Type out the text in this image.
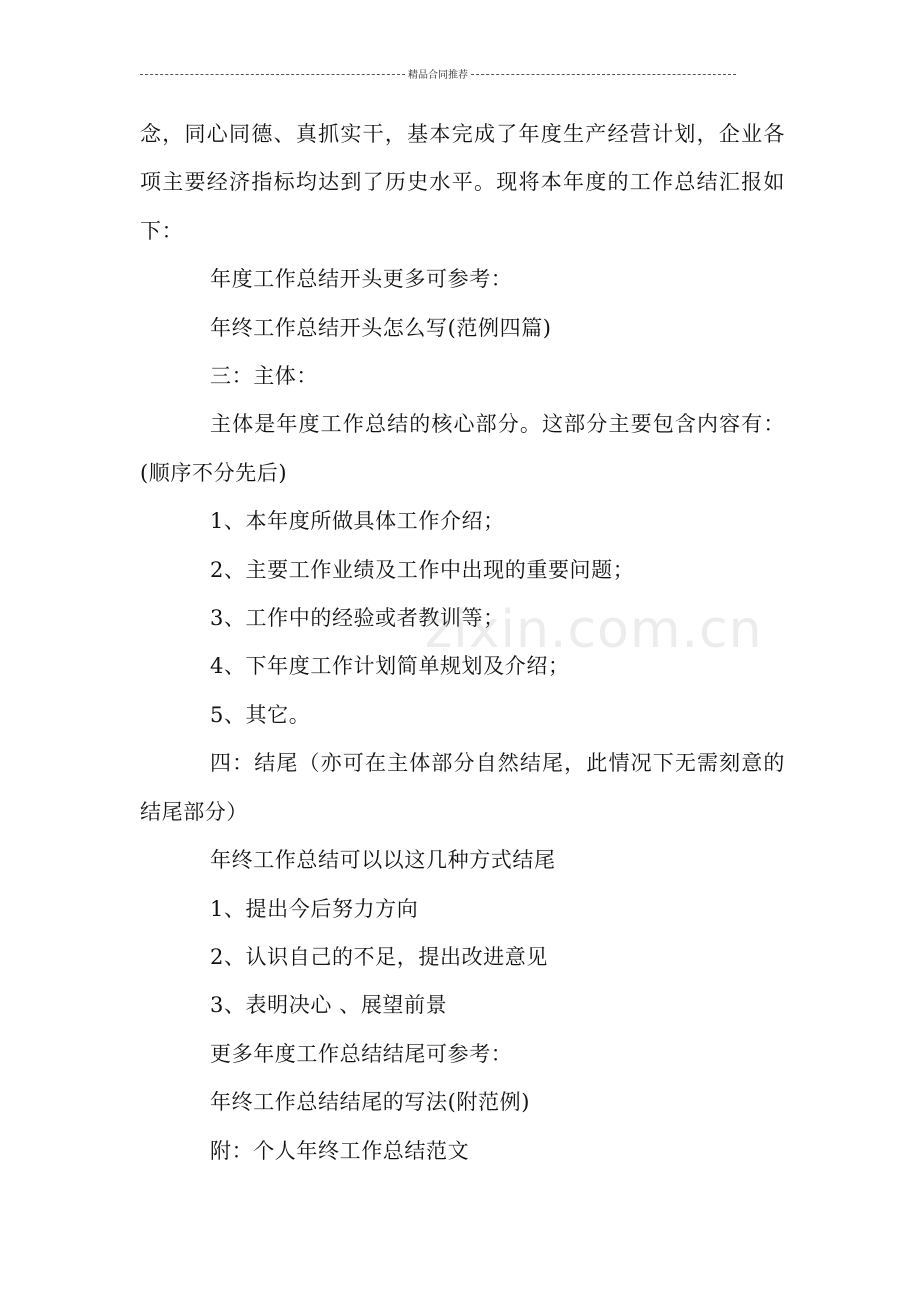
精品合同推荐

念，同心同德、真抓实干，基本完成了年度生产经营计划，企业各项主要经济指标均达到了历史水平。现将本年度的工作总结汇报如下：

年度工作总结开头更多可参考：

年终工作总结开头怎么写(范例四篇)

三：主体：

主体是年度工作总结的核心部分。这部分主要包含内容有：(顺序不分先后)

1、本年度所做具体工作介绍；

2、主要工作业绩及工作中出现的重要问题；

3、工作中的经验或者教训等；

4、下年度工作计划简单规划及介绍；

5、其它。

四：结尾（亦可在主体部分自然结尾，此情况下无需刻意的结尾部分）

年终工作总结可以以这几种方式结尾

1、提出今后努力方向

2、认识自己的不足，提出改进意见

3、表明决心 、展望前景

更多年度工作总结结尾可参考：

年终工作总结结尾的写法(附范例)

附：个人年终工作总结范文

zixin.com.cn
